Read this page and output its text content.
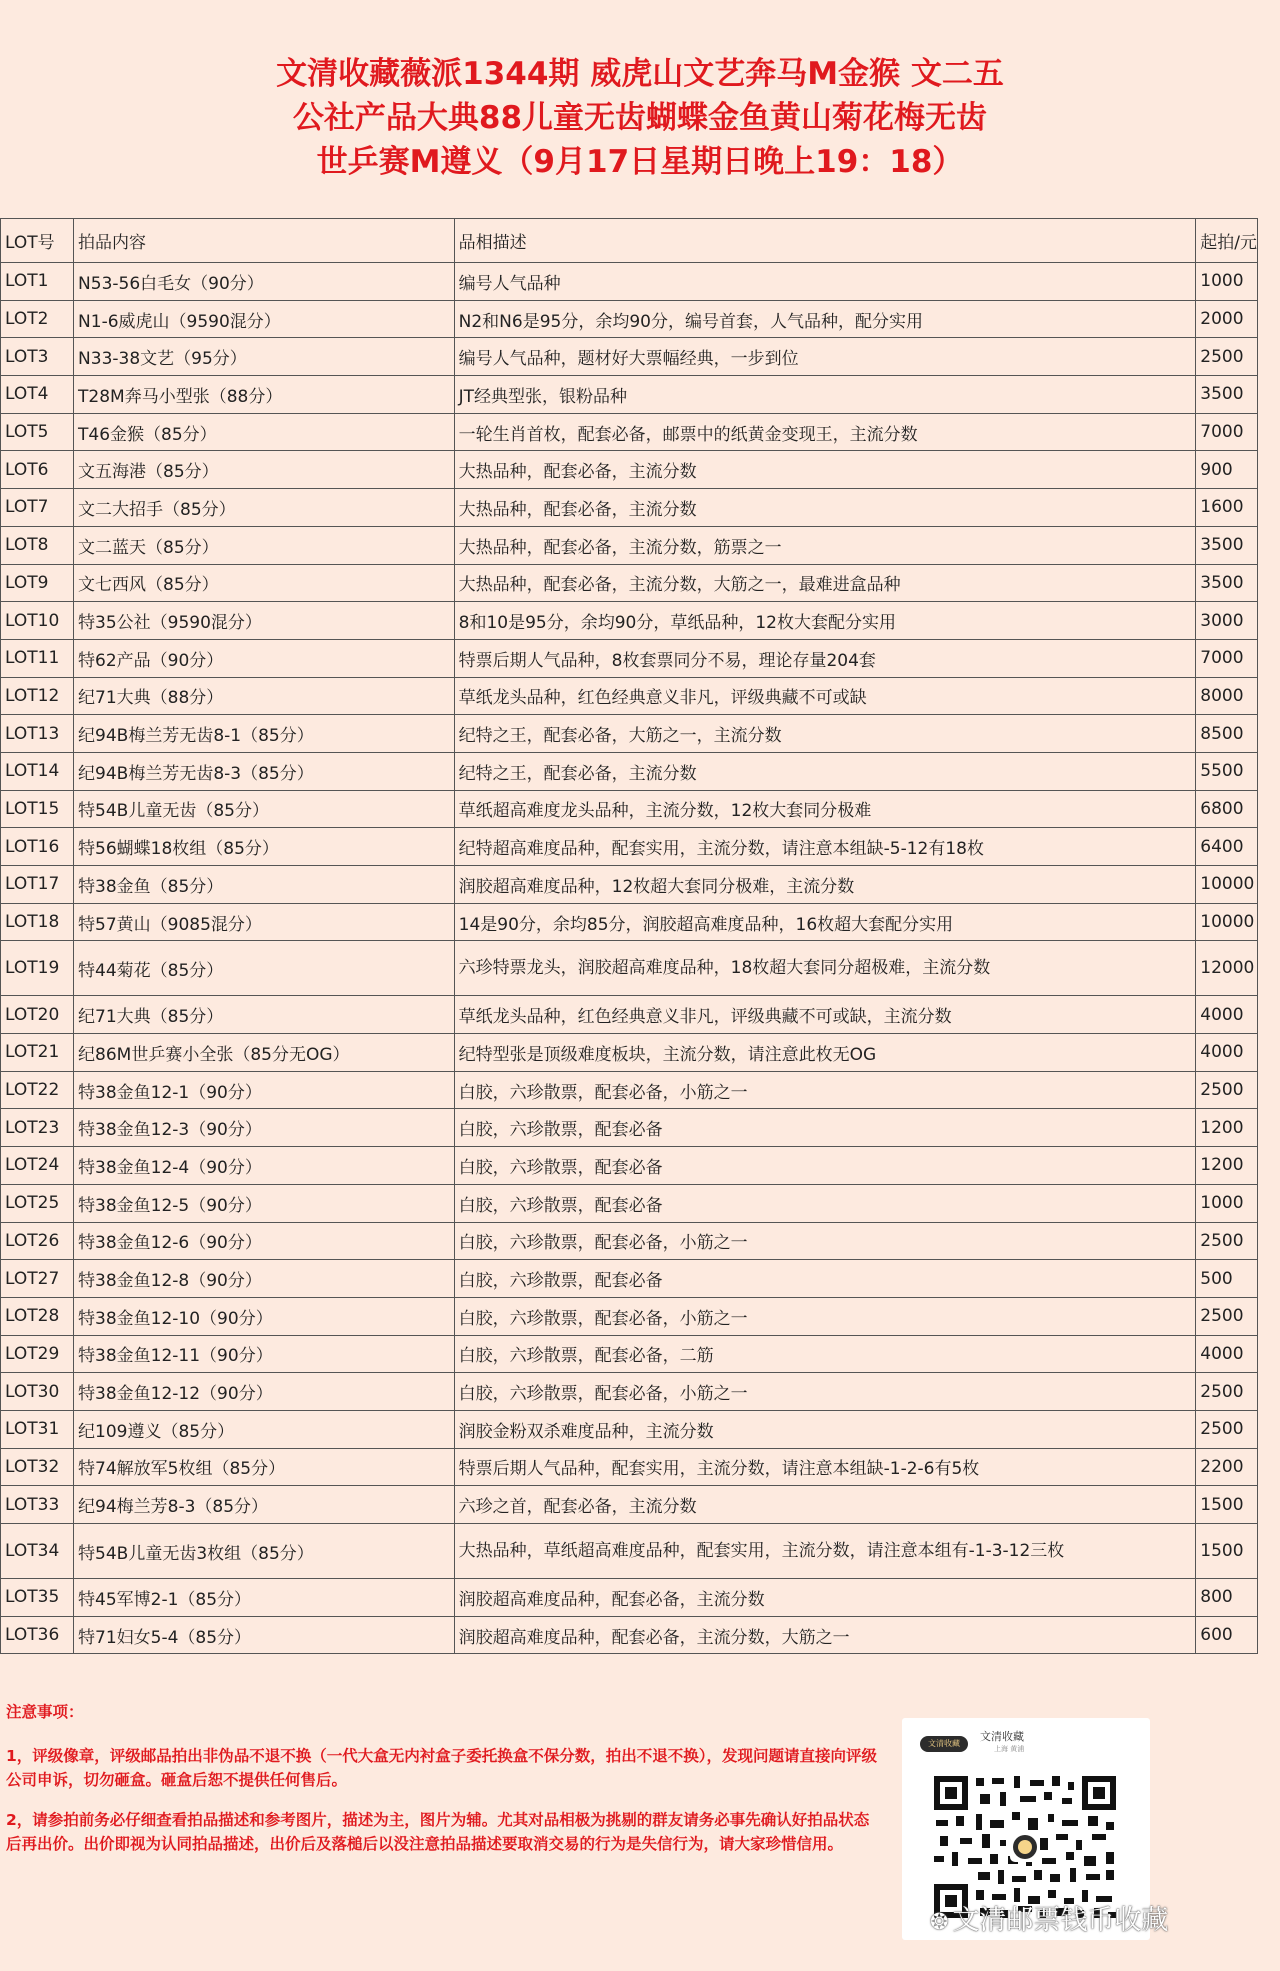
文清收藏薇派1344期 威虎山文艺奔马M金猴 文二五
公社产品大典88儿童无齿蝴蝶金鱼黄山菊花梅无齿
世乒赛M遵义（9月17日星期日晚上19：18）
LOT号	拍品内容	品相描述	起拍/元
LOT1	N53-56白毛女（90分）	编号人气品种	1000
LOT2	N1-6威虎山（9590混分）	N2和N6是95分，余均90分，编号首套，人气品种，配分实用	2000
LOT3	N33-38文艺（95分）	编号人气品种，题材好大票幅经典，一步到位	2500
LOT4	T28M奔马小型张（88分）	JT经典型张，银粉品种	3500
LOT5	T46金猴（85分）	一轮生肖首枚，配套必备，邮票中的纸黄金变现王，主流分数	7000
LOT6	文五海港（85分）	大热品种，配套必备，主流分数	900
LOT7	文二大招手（85分）	大热品种，配套必备，主流分数	1600
LOT8	文二蓝天（85分）	大热品种，配套必备，主流分数，筋票之一	3500
LOT9	文七西风（85分）	大热品种，配套必备，主流分数，大筋之一，最难进盒品种	3500
LOT10	特35公社（9590混分）	8和10是95分，余均90分，草纸品种，12枚大套配分实用	3000
LOT11	特62产品（90分）	特票后期人气品种，8枚套票同分不易，理论存量204套	7000
LOT12	纪71大典（88分）	草纸龙头品种，红色经典意义非凡，评级典藏不可或缺	8000
LOT13	纪94B梅兰芳无齿8-1（85分）	纪特之王，配套必备，大筋之一，主流分数	8500
LOT14	纪94B梅兰芳无齿8-3（85分）	纪特之王，配套必备，主流分数	5500
LOT15	特54B儿童无齿（85分）	草纸超高难度龙头品种，主流分数，12枚大套同分极难	6800
LOT16	特56蝴蝶18枚组（85分）	纪特超高难度品种，配套实用，主流分数，请注意本组缺-5-12有18枚	6400
LOT17	特38金鱼（85分）	润胶超高难度品种，12枚超大套同分极难，主流分数	10000
LOT18	特57黄山（9085混分）	14是90分，余均85分，润胶超高难度品种，16枚超大套配分实用	10000
LOT19	特44菊花（85分）	六珍特票龙头，润胶超高难度品种，18枚超大套同分超极难，主流分数	12000
LOT20	纪71大典（85分）	草纸龙头品种，红色经典意义非凡，评级典藏不可或缺，主流分数	4000
LOT21	纪86M世乒赛小全张（85分无OG）	纪特型张是顶级难度板块，主流分数，请注意此枚无OG	4000
LOT22	特38金鱼12-1（90分）	白胶，六珍散票，配套必备，小筋之一	2500
LOT23	特38金鱼12-3（90分）	白胶，六珍散票，配套必备	1200
LOT24	特38金鱼12-4（90分）	白胶，六珍散票，配套必备	1200
LOT25	特38金鱼12-5（90分）	白胶，六珍散票，配套必备	1000
LOT26	特38金鱼12-6（90分）	白胶，六珍散票，配套必备，小筋之一	2500
LOT27	特38金鱼12-8（90分）	白胶，六珍散票，配套必备	500
LOT28	特38金鱼12-10（90分）	白胶，六珍散票，配套必备，小筋之一	2500
LOT29	特38金鱼12-11（90分）	白胶，六珍散票，配套必备，二筋	4000
LOT30	特38金鱼12-12（90分）	白胶，六珍散票，配套必备，小筋之一	2500
LOT31	纪109遵义（85分）	润胶金粉双杀难度品种，主流分数	2500
LOT32	特74解放军5枚组（85分）	特票后期人气品种，配套实用，主流分数，请注意本组缺-1-2-6有5枚	2200
LOT33	纪94梅兰芳8-3（85分）	六珍之首，配套必备，主流分数	1500
LOT34	特54B儿童无齿3枚组（85分）	大热品种，草纸超高难度品种，配套实用，主流分数，请注意本组有-1-3-12三枚	1500
LOT35	特45军博2-1（85分）	润胶超高难度品种，配套必备，主流分数	800
LOT36	特71妇女5-4（85分）	润胶超高难度品种，配套必备，主流分数，大筋之一	600
注意事项：

1，评级像章，评级邮品拍出非伪品不退不换（一代大盒无内衬盒子委托换盒不保分数，拍出不退不换），发现问题请直接向评级公司申诉，切勿砸盒。砸盒后恕不提供任何售后。

2，请参拍前务必仔细查看拍品描述和参考图片，描述为主，图片为辅。尤其对品相极为挑剔的群友请务必事先确认好拍品状态后再出价。出价即视为认同拍品描述，出价后及落槌后以没注意拍品描述要取消交易的行为是失信行为，请大家珍惜信用。

文清收藏
文清收藏
上海 黄浦
❂ 文清邮票钱币收藏
